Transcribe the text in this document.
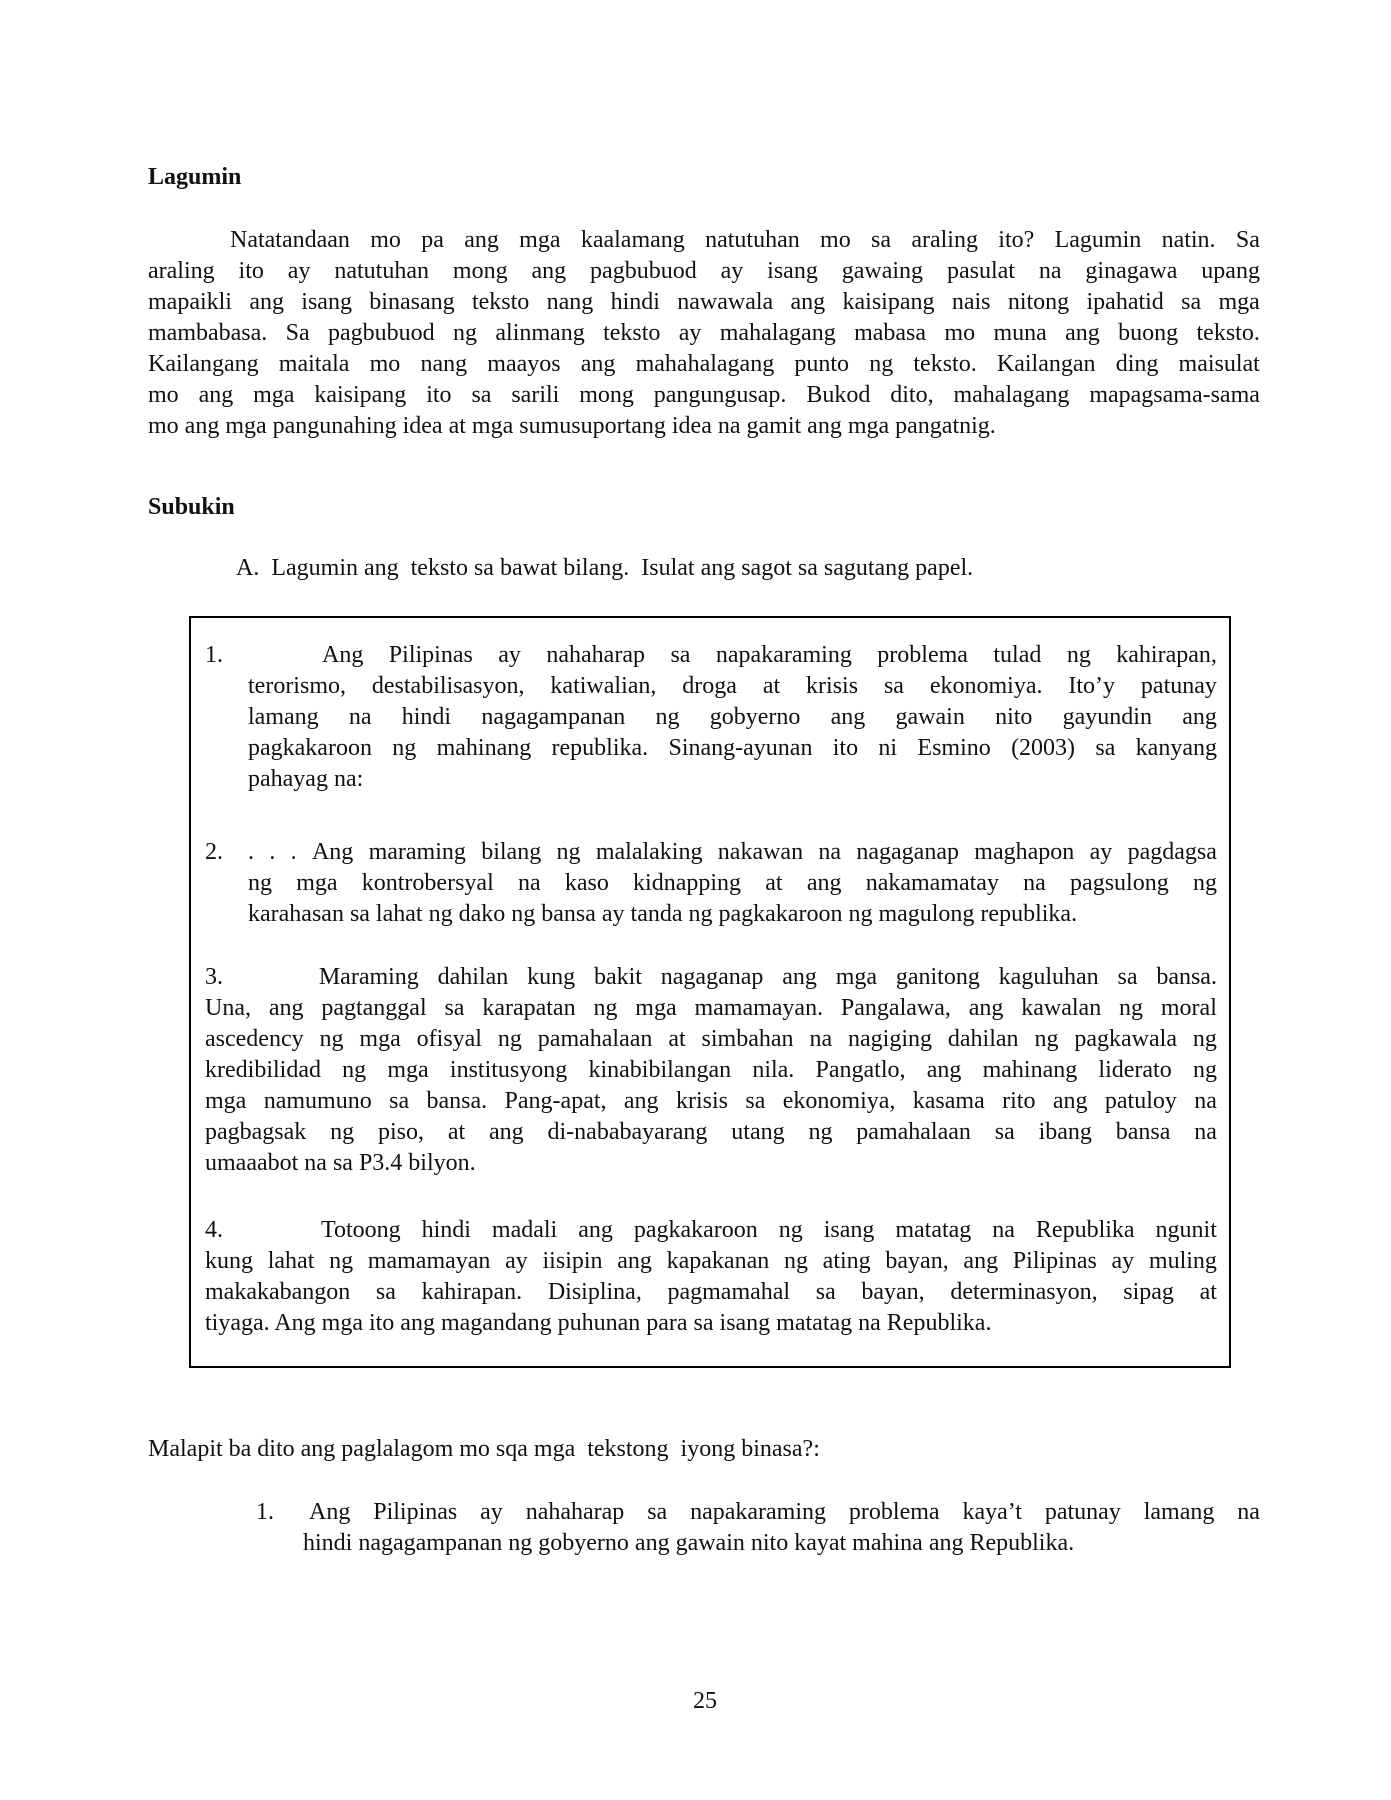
Lagumin
Natatandaan mo pa ang mga kaalamang natutuhan mo sa araling ito? Lagumin natin. Sa
araling ito ay natutuhan mong ang pagbubuod ay isang gawaing pasulat na ginagawa upang
mapaikli ang isang binasang teksto nang hindi nawawala ang kaisipang nais nitong ipahatid sa mga
mambabasa. Sa pagbubuod ng alinmang teksto ay mahalagang mabasa mo muna ang buong teksto.
Kailangang maitala mo nang maayos ang mahahalagang punto ng teksto. Kailangan ding maisulat
mo ang mga kaisipang ito sa sarili mong pangungusap. Bukod dito, mahalagang mapagsama-sama
mo ang mga pangunahing idea at mga sumusuportang idea na gamit ang mga pangatnig.
Subukin
A.  Lagumin ang  teksto sa bawat bilang.  Isulat ang sagot sa sagutang papel.
1.	Ang Pilipinas ay nahaharap sa napakaraming problema tulad ng kahirapan,
terorismo, destabilisasyon, katiwalian, droga at krisis sa ekonomiya. Ito’y patunay
lamang na hindi nagagampanan ng gobyerno ang gawain nito gayundin ang
pagkakaroon ng mahinang republika. Sinang-ayunan ito ni Esmino (2003) sa kanyang
pahayag na:
2. . . . Ang maraming bilang ng malalaking nakawan na nagaganap maghapon ay pagdagsa
ng mga kontrobersyal na kaso kidnapping at ang nakamamatay na pagsulong ng
karahasan sa lahat ng dako ng bansa ay tanda ng pagkakaroon ng magulong republika.
3.	Maraming dahilan kung bakit nagaganap ang mga ganitong kaguluhan sa bansa.
Una, ang pagtanggal sa karapatan ng mga mamamayan. Pangalawa, ang kawalan ng moral
ascedency ng mga ofisyal ng pamahalaan at simbahan na nagiging dahilan ng pagkawala ng
kredibilidad ng mga institusyong kinabibilangan nila. Pangatlo, ang mahinang liderato ng
mga namumuno sa bansa. Pang-apat, ang krisis sa ekonomiya, kasama rito ang patuloy na
pagbagsak ng piso, at ang di-nababayarang utang ng pamahalaan sa ibang bansa na
umaaabot na sa P3.4 bilyon.
4.	Totoong hindi madali ang pagkakaroon ng isang matatag na Republika ngunit
kung lahat ng mamamayan ay iisipin ang kapakanan ng ating bayan, ang Pilipinas ay muling
makakabangon sa kahirapan. Disiplina, pagmamahal sa bayan, determinasyon, sipag at
tiyaga. Ang mga ito ang magandang puhunan para sa isang matatag na Republika.
Malapit ba dito ang paglalagom mo sqa mga  tekstong  iyong binasa?:
1. Ang Pilipinas ay nahaharap sa napakaraming problema kaya’t patunay lamang na
hindi nagagampanan ng gobyerno ang gawain nito kayat mahina ang Republika.
25
